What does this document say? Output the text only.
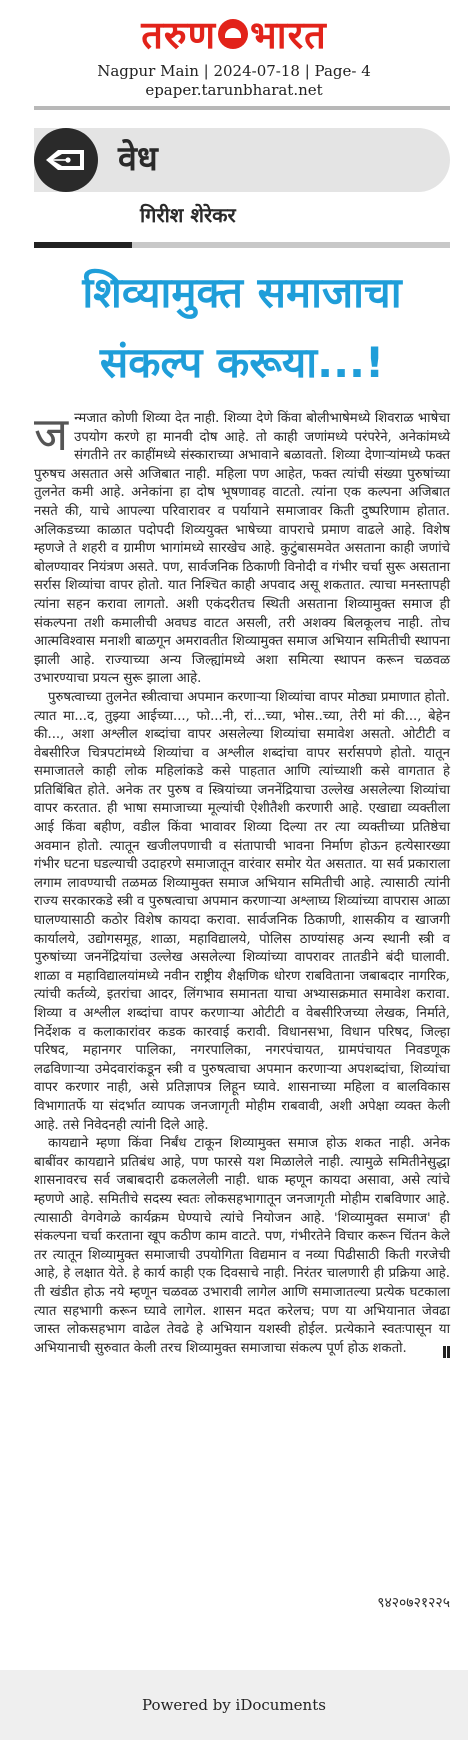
तरुण भारत
Nagpur Main | 2024-07-18 | Page- 4
epaper.tarunbharat.net
वेध
गिरीश शेरेकर
शिव्यामुक्त समाजाचा
संकल्प करूया...!

जन्मजात कोणी शिव्या देत नाही. शिव्या देणे किंवा बोलीभाषेमध्ये शिवराळ भाषेचा उपयोग करणे हा मानवी दोष आहे. तो काही जणांमध्ये परंपरेने, अनेकांमध्ये संगतीने तर काहींमध्ये संस्काराच्या अभावाने बळावतो. शिव्या देणाऱ्यांमध्ये फक्त पुरुषच असतात असे अजिबात नाही. महिला पण आहेत, फक्त त्यांची संख्या पुरुषांच्या तुलनेत कमी आहे. अनेकांना हा दोष भूषणावह वाटतो. त्यांना एक कल्पना अजिबात नसते की, याचे आपल्या परिवारावर व पर्यायाने समाजावर किती दुष्परिणाम होतात. अलिकडच्या काळात पदोपदी शिव्ययुक्त भाषेच्या वापराचे प्रमाण वाढले आहे. विशेष म्हणजे ते शहरी व ग्रामीण भागांमध्ये सारखेच आहे. कुटुंबासमवेत असताना काही जणांचे बोलण्यावर नियंत्रण असते. पण, सार्वजनिक ठिकाणी विनोदी व गंभीर चर्चा सुरू असताना सर्रास शिव्यांचा वापर होतो. यात निश्चित काही अपवाद असू शकतात. त्याचा मनस्तापही त्यांना सहन करावा लागतो. अशी एकंदरीतच स्थिती असताना शिव्यामुक्त समाज ही संकल्पना तशी कमालीची अवघड वाटत असली, तरी अशक्य बिलकूलच नाही. तोच आत्मविश्वास मनाशी बाळगून अमरावतीत शिव्यामुक्त समाज अभियान समितीची स्थापना झाली आहे. राज्याच्या अन्य जिल्ह्यांमध्ये अशा समित्या स्थापन करून चळवळ उभारण्याचा प्रयत्न सुरू झाला आहे.

पुरुषत्वाच्या तुलनेत स्त्रीत्वाचा अपमान करणाऱ्या शिव्यांचा वापर मोठ्या प्रमाणात होतो. त्यात मा...द, तुझ्या आईच्या..., फो...नी, रां...च्या, भोस..च्या, तेरी मां की..., बेहेन की..., अशा अश्लील शब्दांचा वापर असलेल्या शिव्यांचा समावेश असतो. ओटीटी व वेबसीरिज चित्रपटांमध्ये शिव्यांचा व अश्लील शब्दांचा वापर सर्रासपणे होतो. यातून समाजातले काही लोक महिलांकडे कसे पाहतात आणि त्यांच्याशी कसे वागतात हे प्रतिबिंबित होते. अनेक तर पुरुष व स्त्रियांच्या जननेंद्रियाचा उल्लेख असलेल्या शिव्यांचा वापर करतात. ही भाषा समाजाच्या मूल्यांची ऐशीतैशी करणारी आहे. एखाद्या व्यक्तीला आई किंवा बहीण, वडील किंवा भावावर शिव्या दिल्या तर त्या व्यक्तीच्या प्रतिष्ठेचा अवमान होतो. त्यातून खजीलपणाची व संतापाची भावना निर्माण होऊन हत्येसारख्या गंभीर घटना घडल्याची उदाहरणे समाजातून वारंवार समोर येत असतात. या सर्व प्रकाराला लगाम लावण्याची तळमळ शिव्यामुक्त समाज अभियान समितीची आहे. त्यासाठी त्यांनी राज्य सरकारकडे स्त्री व पुरुषत्वाचा अपमान करणाऱ्या अश्लाघ्य शिव्यांच्या वापरास आळा घालण्यासाठी कठोर विशेष कायदा करावा. सार्वजनिक ठिकाणी, शासकीय व खाजगी कार्यालये, उद्योगसमूह, शाळा, महाविद्यालये, पोलिस ठाण्यांसह अन्य स्थानी स्त्री व पुरुषांच्या जननेंद्रियांचा उल्लेख असलेल्या शिव्यांच्या वापरावर तातडीने बंदी घालावी. शाळा व महाविद्यालयांमध्ये नवीन राष्ट्रीय शैक्षणिक धोरण राबविताना जबाबदार नागरिक, त्यांची कर्तव्ये, इतरांचा आदर, लिंगभाव समानता याचा अभ्यासक्रमात समावेश करावा. शिव्या व अश्लील शब्दांचा वापर करणाऱ्या ओटीटी व वेबसीरिजच्या लेखक, निर्माते, निर्देशक व कलाकारांवर कडक कारवाई करावी. विधानसभा, विधान परिषद, जिल्हा परिषद, महानगर पालिका, नगरपालिका, नगरपंचायत, ग्रामपंचायत निवडणूक लढविणाऱ्या उमेदवारांकडून स्त्री व पुरुषत्वाचा अपमान करणाऱ्या अपशब्दांचा, शिव्यांचा वापर करणार नाही, असे प्रतिज्ञापत्र लिहून घ्यावे. शासनाच्या महिला व बालविकास विभागातर्फे या संदर्भात व्यापक जनजागृती मोहीम राबवावी, अशी अपेक्षा व्यक्त केली आहे. तसे निवेदनही त्यांनी दिले आहे.

कायद्याने म्हणा किंवा निर्बंध टाकून शिव्यामुक्त समाज होऊ शकत नाही. अनेक बाबींवर कायद्याने प्रतिबंध आहे, पण फारसे यश मिळालेले नाही. त्यामुळे समितीनेसुद्धा शासनावरच सर्व जबाबदारी ढकललेली नाही. धाक म्हणून कायदा असावा, असे त्यांचे म्हणणे आहे. समितीचे सदस्य स्वतः लोकसहभागातून जनजागृती मोहीम राबविणार आहे. त्यासाठी वेगवेगळे कार्यक्रम घेण्याचे त्यांचे नियोजन आहे. 'शिव्यामुक्त समाज' ही संकल्पना चर्चा करताना खूप कठीण काम वाटते. पण, गंभीरतेने विचार करून चिंतन केले तर त्यातून शिव्यामुक्त समाजाची उपयोगिता विद्यमान व नव्या पिढीसाठी किती गरजेची आहे, हे लक्षात येते. हे कार्य काही एक दिवसाचे नाही. निरंतर चालणारी ही प्रक्रिया आहे. ती खंडीत होऊ नये म्हणून चळवळ उभारावी लागेल आणि समाजातल्या प्रत्येक घटकाला त्यात सहभागी करून घ्यावे लागेल. शासन मदत करेलच; पण या अभियानात जेवढा जास्त लोकसहभाग वाढेल तेवढे हे अभियान यशस्वी होईल. प्रत्येकाने स्वतःपासून या अभियानाची सुरुवात केली तरच शिव्यामुक्त समाजाचा संकल्प पूर्ण होऊ शकतो.

९४२०७२१२२५
Powered by iDocuments
